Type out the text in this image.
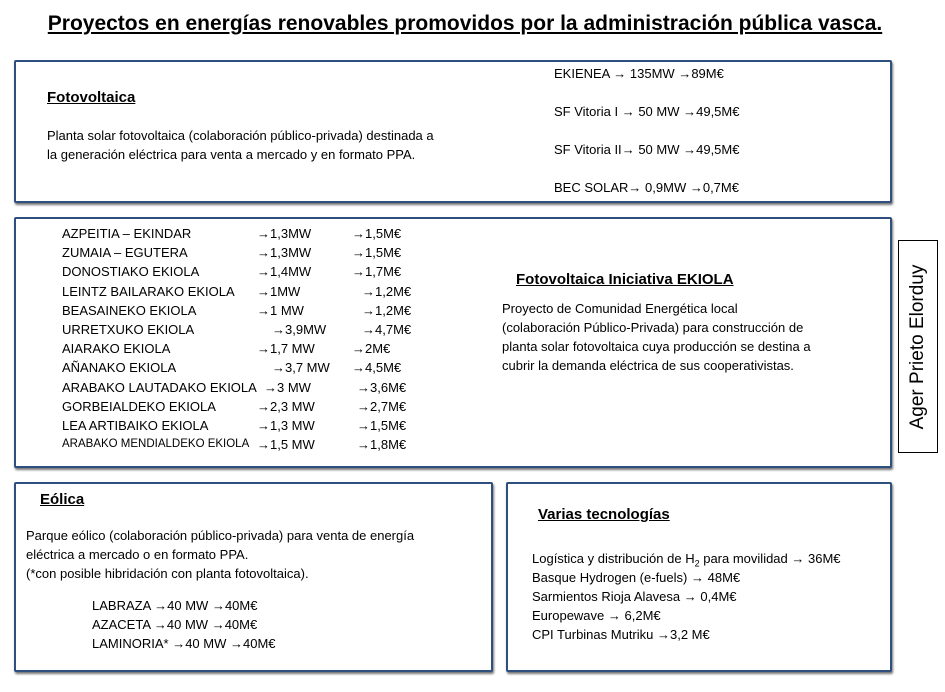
Proyectos en energías renovables promovidos por la administración pública vasca.
Fotovoltaica
Planta solar fotovoltaica (colaboración público-privada) destinada a
la generación eléctrica para venta a mercado y en formato PPA.
EKIENEA → 135MW →89M€
SF Vitoria I → 50 MW →49,5M€
SF Vitoria II→ 50 MW →49,5M€
BEC SOLAR→ 0,9MW →0,7M€
AZPEITIA – EKINDAR	→1,3MW	→1,5M€
ZUMAIA – EGUTERA	→1,3MW	→1,5M€
DONOSTIAKO EKIOLA	→1,4MW	→1,7M€
LEINTZ BAILARAKO EKIOLA →1MW	→1,2M€
BEASAINEKO EKIOLA	→1 MW	→1,2M€
URRETXUKO EKIOLA	→3,9MW	→4,7M€
AIARAKO EKIOLA	→1,7 MW	→2M€
AÑANAKO EKIOLA	→3,7 MW →4,5M€
ARABAKO LAUTADAKO EKIOLA →3 MW	→3,6M€
GORBEIALDEKO EKIOLA	→2,3 MW	→2,7M€
LEA ARTIBAIKO EKIOLA	→1,3 MW	→1,5M€
ARABAKO MENDIALDEKO EKIOLA →1,5 MW	→1,8M€
Fotovoltaica Iniciativa EKIOLA
Proyecto de Comunidad Energética local
(colaboración Público-Privada) para construcción de
planta solar fotovoltaica cuya producción se destina a
cubrir la demanda eléctrica de sus cooperativistas.	Ager Prieto Elorduy
Eólica
Parque eólico (colaboración público-privada) para venta de energía
eléctrica a mercado o en formato PPA.
(*con posible hibridación con planta fotovoltaica).
LABRAZA →40 MW →40M€
AZACETA →40 MW →40M€
LAMINORIA* →40 MW →40M€
Varias tecnologías
Logística y distribución de $H_2$ para movilidad → 36M€
Basque Hydrogen (e-fuels) → 48M€
Sarmientos Rioja Alavesa → 0,4M€
Europewave → 6,2M€
CPI Turbinas Mutriku →3,2 M€
